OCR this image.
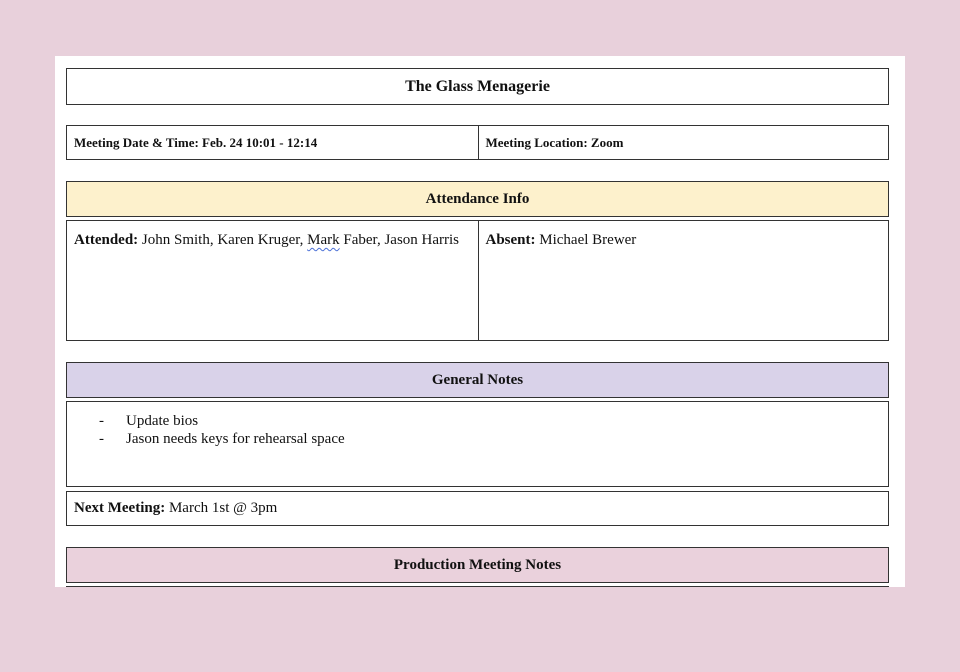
The Glass Menagerie
Meeting Date & Time: Feb. 24 10:01 - 12:14	Meeting Location: Zoom
Attendance Info
Attended: John Smith, Karen Kruger, Mark Faber, Jason Harris	Absent: Michael Brewer
General Notes
-	Update bios
-	Jason needs keys for rehearsal space
Next Meeting: March 1st @ 3pm
Production Meeting Notes
